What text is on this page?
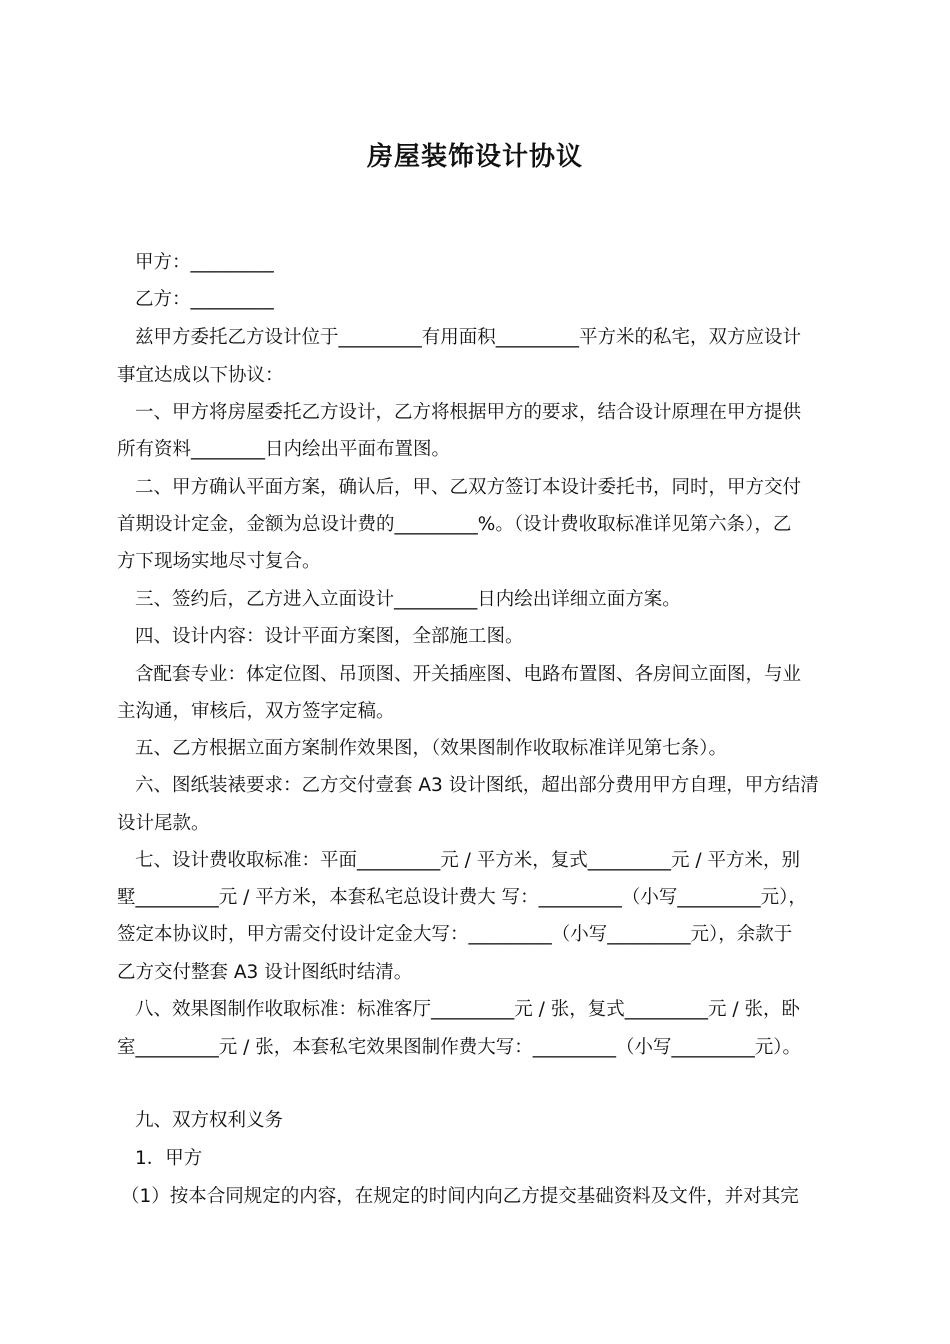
房屋装饰设计协议
甲方：_________
乙方：_________
兹甲方委托乙方设计位于_________有用面积_________平方米的私宅，双方应设计
事宜达成以下协议：
一、甲方将房屋委托乙方设计，乙方将根据甲方的要求，结合设计原理在甲方提供
所有资料________日内绘出平面布置图。
二、甲方确认平面方案，确认后，甲、乙双方签订本设计委托书，同时，甲方交付
首期设计定金，金额为总设计费的_________%。（设计费收取标准详见第六条），乙
方下现场实地尽寸复合。
三、签约后，乙方进入立面设计_________日内绘出详细立面方案。
四、设计内容：设计平面方案图，全部施工图。
含配套专业：体定位图、吊顶图、开关插座图、电路布置图、各房间立面图，与业
主沟通，审核后，双方签字定稿。
五、乙方根据立面方案制作效果图，（效果图制作收取标准详见第七条）。
六、图纸装裱要求：乙方交付壹套 A3 设计图纸，超出部分费用甲方自理，甲方结清
设计尾款。
七、设计费收取标准：平面_________元 / 平方米，复式_________元 / 平方米，别
墅_________元 / 平方米，本套私宅总设计费大 写：_________（小写_________元），
签定本协议时，甲方需交付设计定金大写：_________（小写_________元），余款于
乙方交付整套 A3 设计图纸时结清。
八、效果图制作收取标准：标准客厅_________元 / 张，复式_________元 / 张，卧
室_________元 / 张，本套私宅效果图制作费大写：_________（小写_________元）。
九、双方权利义务
1．甲方
（1）按本合同规定的内容，在规定的时间内向乙方提交基础资料及文件，并对其完
